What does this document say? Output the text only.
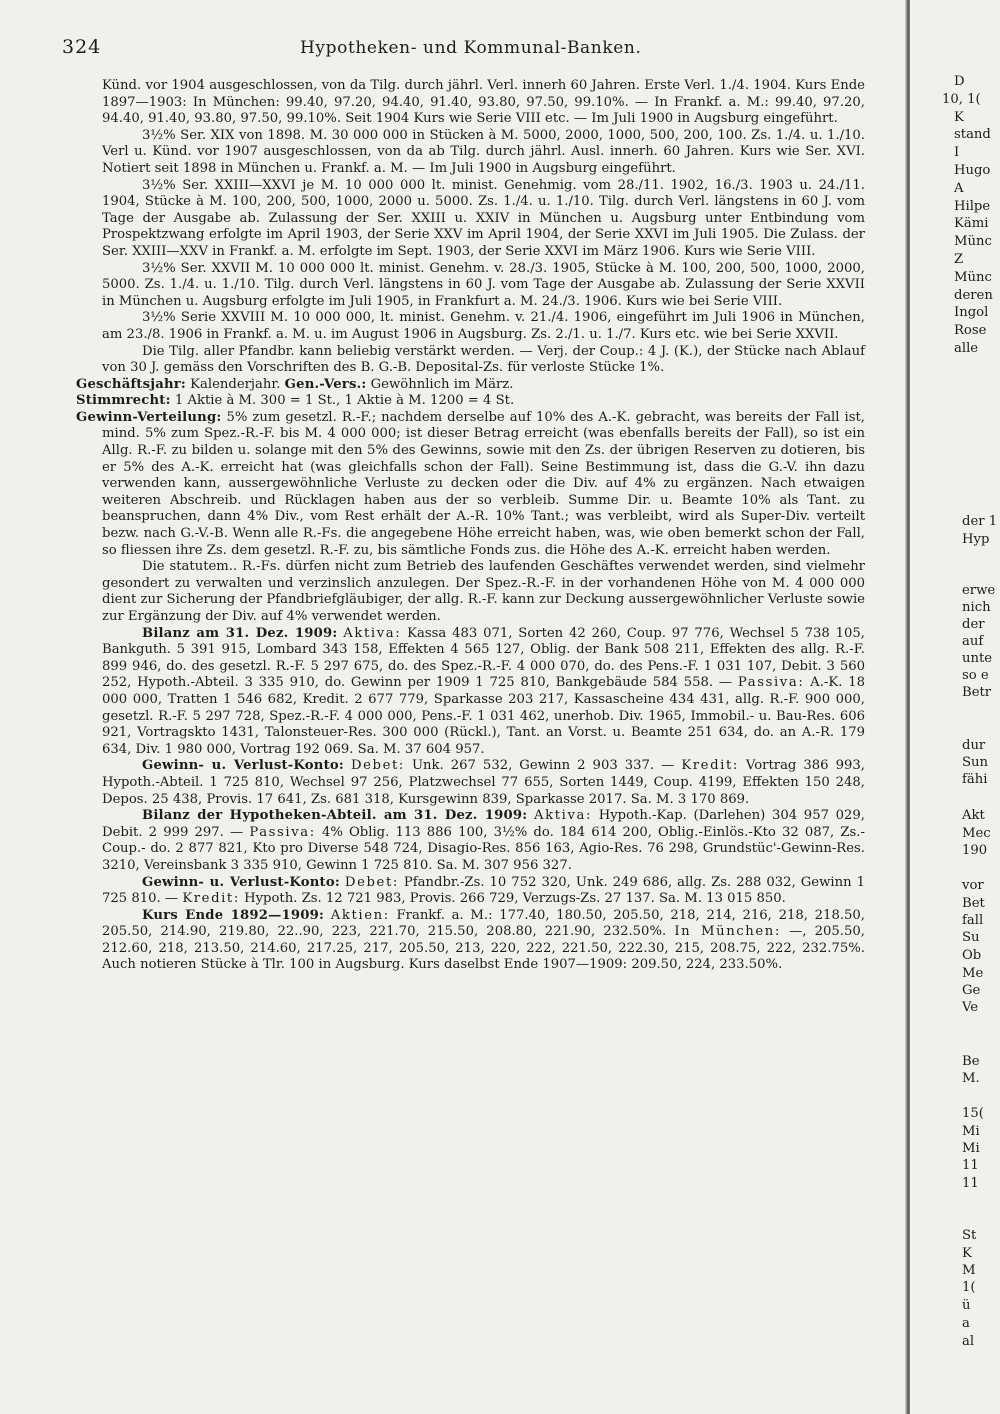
324	Hypotheken- und Kommunal-Banken.

Künd. vor 1904 ausgeschlossen, von da Tilg. durch jährl. Verl. innerh 60 Jahren. Erste Verl. 1./4. 1904. Kurs Ende 1897—1903: In München: 99.40, 97.20, 94.40, 91.40, 93.80, 97.50, 99.10%. — In Frankf. a. M.: 99.40, 97.20, 94.40, 91.40, 93.80, 97.50, 99.10%. Seit 1904 Kurs wie Serie VIII etc. — Im Juli 1900 in Augsburg eingeführt.

3½% Ser. XIX von 1898. M. 30 000 000 in Stücken à M. 5000, 2000, 1000, 500, 200, 100. Zs. 1./4. u. 1./10. Verl u. Künd. vor 1907 ausgeschlossen, von da ab Tilg. durch jährl. Ausl. innerh. 60 Jahren. Kurs wie Ser. XVI. Notiert seit 1898 in München u. Frankf. a. M. — Im Juli 1900 in Augsburg eingeführt.

3½% Ser. XXIII—XXVI je M. 10 000 000 lt. minist. Genehmig. vom 28./11. 1902, 16./3. 1903 u. 24./11. 1904, Stücke à M. 100, 200, 500, 1000, 2000 u. 5000. Zs. 1./4. u. 1./10. Tilg. durch Verl. längstens in 60 J. vom Tage der Ausgabe ab. Zulassung der Ser. XXIII u. XXIV in München u. Augsburg unter Entbindung vom Prospektzwang erfolgte im April 1903, der Serie XXV im April 1904, der Serie XXVI im Juli 1905. Die Zulass. der Ser. XXIII—XXV in Frankf. a. M. erfolgte im Sept. 1903, der Serie XXVI im März 1906. Kurs wie Serie VIII.

3½% Ser. XXVII M. 10 000 000 lt. minist. Genehm. v. 28./3. 1905, Stücke à M. 100, 200, 500, 1000, 2000, 5000. Zs. 1./4. u. 1./10. Tilg. durch Verl. längstens in 60 J. vom Tage der Ausgabe ab. Zulassung der Serie XXVII in München u. Augsburg erfolgte im Juli 1905, in Frankfurt a. M. 24./3. 1906. Kurs wie bei Serie VIII.

3½% Serie XXVIII M. 10 000 000, lt. minist. Genehm. v. 21./4. 1906, eingeführt im Juli 1906 in München, am 23./8. 1906 in Frankf. a. M. u. im August 1906 in Augsburg. Zs. 2./1. u. 1./7. Kurs etc. wie bei Serie XXVII.

Die Tilg. aller Pfandbr. kann beliebig verstärkt werden. — Verj. der Coup.: 4 J. (K.), der Stücke nach Ablauf von 30 J. gemäss den Vorschriften des B. G.-B. Deposital-Zs. für verloste Stücke 1%.

Geschäftsjahr: Kalenderjahr. Gen.-Vers.: Gewöhnlich im März.

Stimmrecht: 1 Aktie à M. 300 = 1 St., 1 Aktie à M. 1200 = 4 St.

Gewinn-Verteilung: 5% zum gesetzl. R.-F.; nachdem derselbe auf 10% des A.-K. gebracht, was bereits der Fall ist, mind. 5% zum Spez.-R.-F. bis M. 4 000 000; ist dieser Betrag erreicht (was ebenfalls bereits der Fall), so ist ein Allg. R.-F. zu bilden u. solange mit den 5% des Gewinns, sowie mit den Zs. der übrigen Reserven zu dotieren, bis er 5% des A.-K. erreicht hat (was gleichfalls schon der Fall). Seine Bestimmung ist, dass die G.-V. ihn dazu verwenden kann, aussergewöhnliche Verluste zu decken oder die Div. auf 4% zu ergänzen. Nach etwaigen weiteren Abschreib. und Rücklagen haben aus der so verbleib. Summe Dir. u. Beamte 10% als Tant. zu beanspruchen, dann 4% Div., vom Rest erhält der A.-R. 10% Tant.; was verbleibt, wird als Super-Div. verteilt bezw. nach G.-V.-B. Wenn alle R.-Fs. die angegebene Höhe erreicht haben, was, wie oben bemerkt schon der Fall, so fliessen ihre Zs. dem gesetzl. R.-F. zu, bis sämtliche Fonds zus. die Höhe des A.-K. erreicht haben werden.

Die statutem.. R.-Fs. dürfen nicht zum Betrieb des laufenden Geschäftes verwendet werden, sind vielmehr gesondert zu verwalten und verzinslich anzulegen. Der Spez.-R.-F. in der vorhandenen Höhe von M. 4 000 000 dient zur Sicherung der Pfandbriefgläubiger, der allg. R.-F. kann zur Deckung aussergewöhnlicher Verluste sowie zur Ergänzung der Div. auf 4% verwendet werden.

Bilanz am 31. Dez. 1909: Aktiva: Kassa 483 071, Sorten 42 260, Coup. 97 776, Wechsel 5 738 105, Bankguth. 5 391 915, Lombard 343 158, Effekten 4 565 127, Oblig. der Bank 508 211, Effekten des allg. R.-F. 899 946, do. des gesetzl. R.-F. 5 297 675, do. des Spez.-R.-F. 4 000 070, do. des Pens.-F. 1 031 107, Debit. 3 560 252, Hypoth.-Abteil. 3 335 910, do. Gewinn per 1909 1 725 810, Bankgebäude 584 558. — Passiva: A.-K. 18 000 000, Tratten 1 546 682, Kredit. 2 677 779, Sparkasse 203 217, Kassascheine 434 431, allg. R.-F. 900 000, gesetzl. R.-F. 5 297 728, Spez.-R.-F. 4 000 000, Pens.-F. 1 031 462, unerhob. Div. 1965, Immobil.- u. Bau-Res. 606 921, Vortragskto 1431, Talonsteuer-Res. 300 000 (Rückl.), Tant. an Vorst. u. Beamte 251 634, do. an A.-R. 179 634, Div. 1 980 000, Vortrag 192 069. Sa. M. 37 604 957.

Gewinn- u. Verlust-Konto: Debet: Unk. 267 532, Gewinn 2 903 337. — Kredit: Vortrag 386 993, Hypoth.-Abteil. 1 725 810, Wechsel 97 256, Platzwechsel 77 655, Sorten 1449, Coup. 4199, Effekten 150 248, Depos. 25 438, Provis. 17 641, Zs. 681 318, Kursgewinn 839, Sparkasse 2017. Sa. M. 3 170 869.

Bilanz der Hypotheken-Abteil. am 31. Dez. 1909: Aktiva: Hypoth.-Kap. (Darlehen) 304 957 029, Debit. 2 999 297. — Passiva: 4% Oblig. 113 886 100, 3½% do. 184 614 200, Oblig.-Einlös.-Kto 32 087, Zs.-Coup.- do. 2 877 821, Kto pro Diverse 548 724, Disagio-Res. 856 163, Agio-Res. 76 298, Grundstüc'-Gewinn-Res. 3210, Vereinsbank 3 335 910, Gewinn 1 725 810. Sa. M. 307 956 327.

Gewinn- u. Verlust-Konto: Debet: Pfandbr.-Zs. 10 752 320, Unk. 249 686, allg. Zs. 288 032, Gewinn 1 725 810. — Kredit: Hypoth. Zs. 12 721 983, Provis. 266 729, Verzugs-Zs. 27 137. Sa. M. 13 015 850.

Kurs Ende 1892—1909: Aktien: Frankf. a. M.: 177.40, 180.50, 205.50, 218, 214, 216, 218, 218.50, 205.50, 214.90, 219.80, 22..90, 223, 221.70, 215.50, 208.80, 221.90, 232.50%. In München: —, 205.50, 212.60, 218, 213.50, 214.60, 217.25, 217, 205.50, 213, 220, 222, 221.50, 222.30, 215, 208.75, 222, 232.75%. Auch notieren Stücke à Tlr. 100 in Augsburg. Kurs daselbst Ende 1907—1909: 209.50, 224, 233.50%.

D
10, 1(
K
stand
I
Hugo
A
Hilpe
Kämi
Münc
Z
Münc
deren
Ingol
Rose
alle
der 1
Hyp
erwe
nich
der
auf
unte
so e
Betr
dur
Sun
fähi
Akt
Mec
190
vor
Bet
fall
Su
Ob
Me
Ge
Ve
Be
M.
15(
Mi
Mi
11
11
St
K
M
1(
ü
a
al
